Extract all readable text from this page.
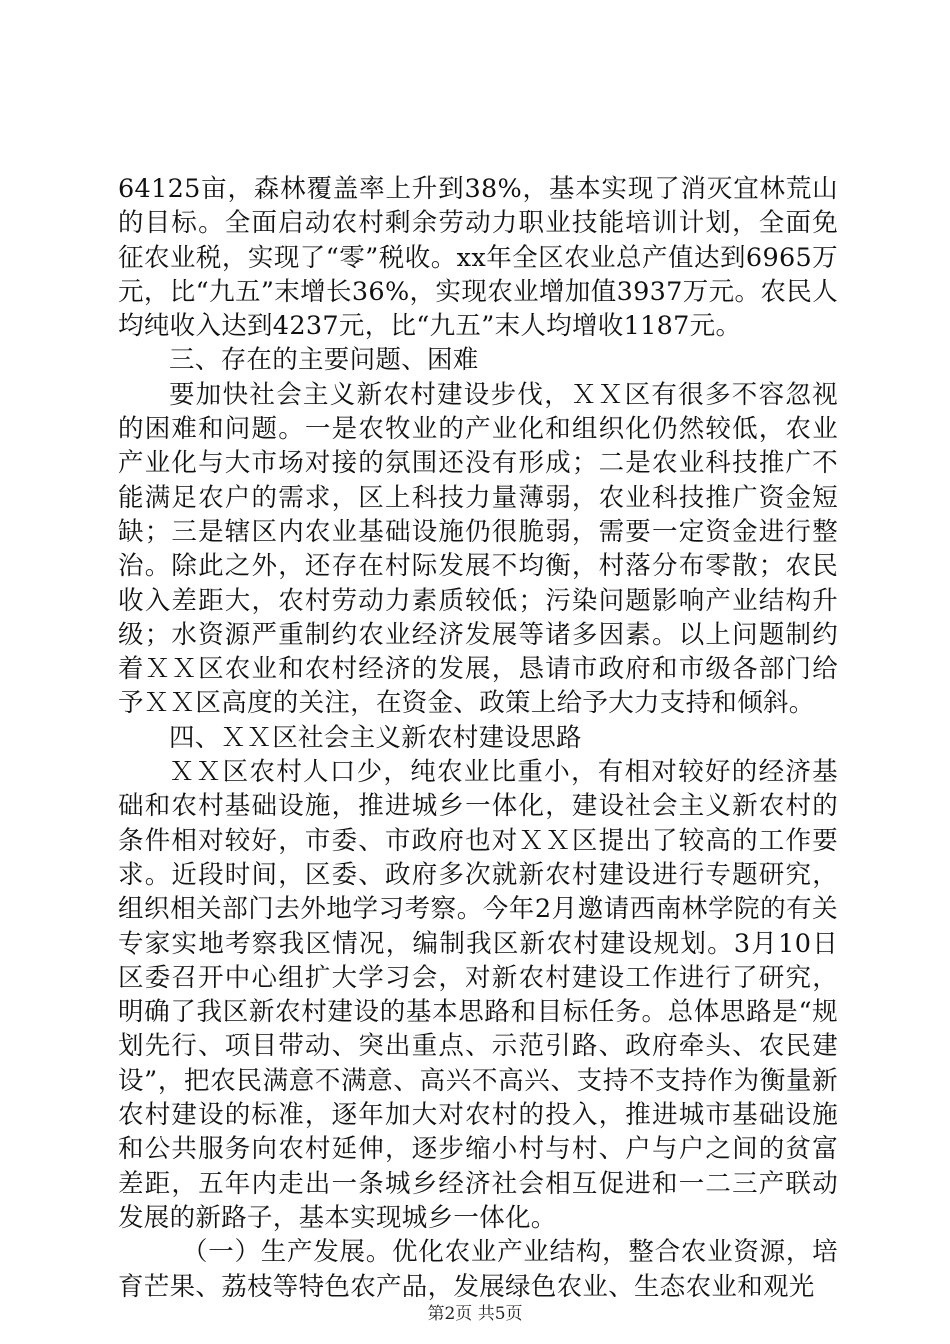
64125亩，森林覆盖率上升到38%，基本实现了消灭宜林荒山的目标。全面启动农村剩余劳动力职业技能培训计划，全面免征农业税，实现了“零”税收。xx年全区农业总产值达到6965万元，比“九五”末增长36%，实现农业增加值3937万元。农民人均纯收入达到4237元，比“九五”末人均增收1187元。

三、存在的主要问题、困难

要加快社会主义新农村建设步伐，ＸＸ区有很多不容忽视的困难和问题。一是农牧业的产业化和组织化仍然较低，农业产业化与大市场对接的氛围还没有形成；二是农业科技推广不能满足农户的需求，区上科技力量薄弱，农业科技推广资金短缺；三是辖区内农业基础设施仍很脆弱，需要一定资金进行整治。除此之外，还存在村际发展不均衡，村落分布零散；农民收入差距大，农村劳动力素质较低；污染问题影响产业结构升级；水资源严重制约农业经济发展等诸多因素。以上问题制约着ＸＸ区农业和农村经济的发展，恳请市政府和市级各部门给予ＸＸ区高度的关注，在资金、政策上给予大力支持和倾斜。

四、ＸＸ区社会主义新农村建设思路

ＸＸ区农村人口少，纯农业比重小，有相对较好的经济基础和农村基础设施，推进城乡一体化，建设社会主义新农村的条件相对较好，市委、市政府也对ＸＸ区提出了较高的工作要求。近段时间，区委、政府多次就新农村建设进行专题研究，组织相关部门去外地学习考察。今年2月邀请西南林学院的有关专家实地考察我区情况，编制我区新农村建设规划。3月10日区委召开中心组扩大学习会，对新农村建设工作进行了研究，明确了我区新农村建设的基本思路和目标任务。总体思路是“规划先行、项目带动、突出重点、示范引路、政府牵头、农民建设”，把农民满意不满意、高兴不高兴、支持不支持作为衡量新农村建设的标准，逐年加大对农村的投入，推进城市基础设施和公共服务向农村延伸，逐步缩小村与村、户与户之间的贫富差距，五年内走出一条城乡经济社会相互促进和一二三产联动发展的新路子，基本实现城乡一体化。

（一）生产发展。优化农业产业结构，整合农业资源，培育芒果、荔枝等特色农产品，发展绿色农业、生态农业和观光

第2页 共5页
